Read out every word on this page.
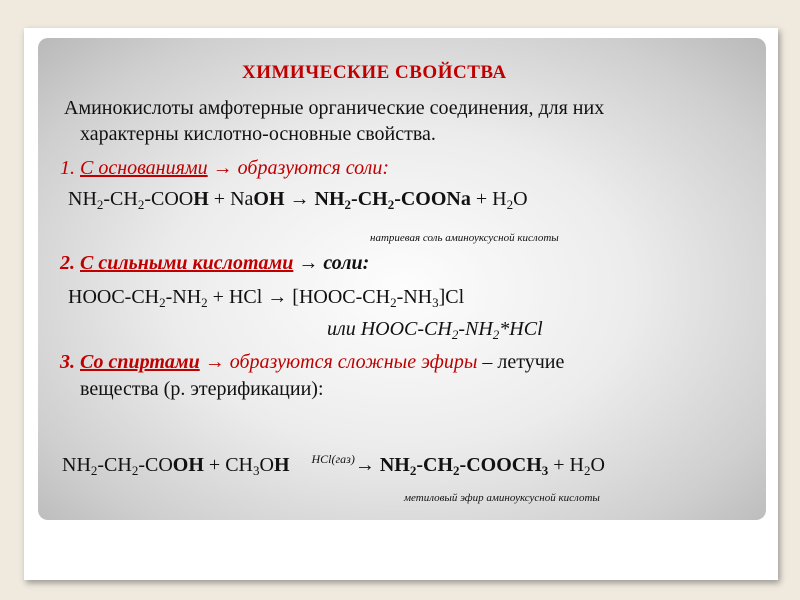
ХИМИЧЕСКИЕ СВОЙСТВА
Аминокислоты амфотерные органические соединения, для них
характерны кислотно-основные свойства.
1. С основаниями → образуются соли:
$NH_2-CH_2$-COOH + NaOH → $NH_2-CH_2$-COONa + $H_2O$
натриевая соль аминоуксусной кислоты
2. С сильными кислотами → соли:
HOOC-$CH_2-NH_2$ + HCl → $[HOOC-CH_2-NH_3]Cl$
или HOOC-$CH_2-NH_2*HCl$
3. Со спиртами → образуются сложные эфиры – летучие
вещества (р. этерификации):
$NH_2-CH_2$-COOH + $CH_3OH$ $^{HCl(газ)}\to NH_2-CH_2-COOCH_3 + H_2O$
метиловый эфир аминоуксусной кислоты
